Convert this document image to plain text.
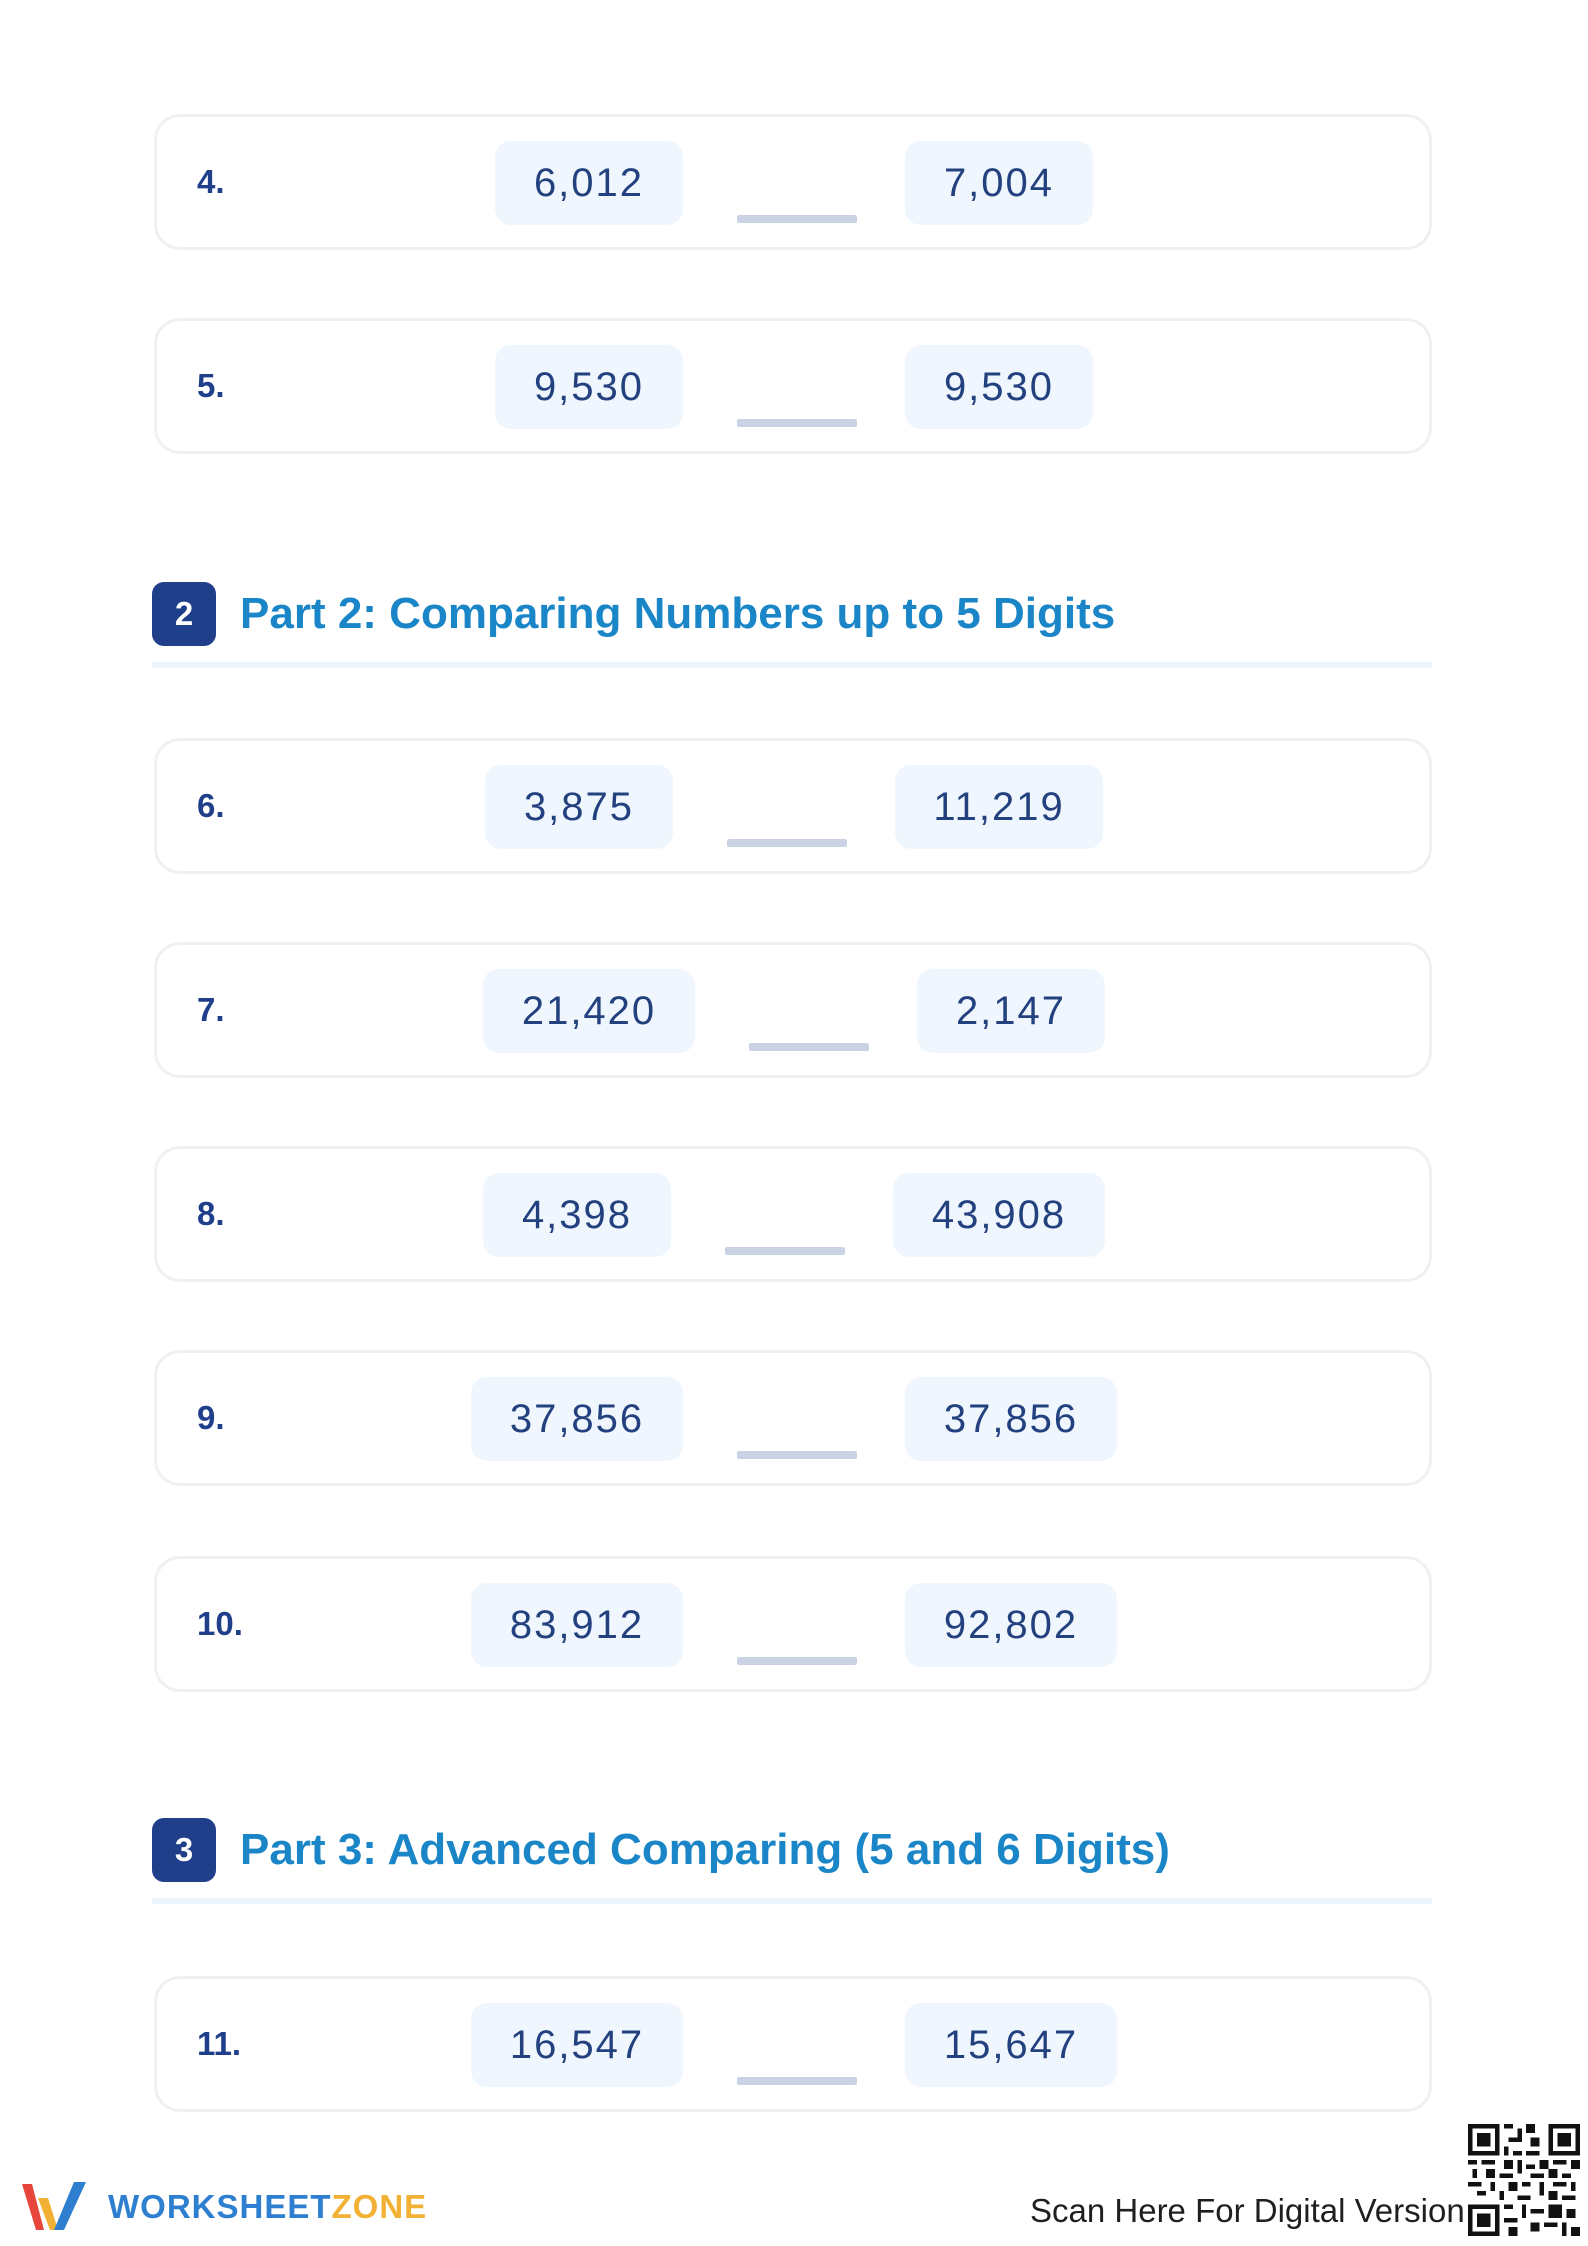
4.	6,012	7,004
5.	9,530	9,530
2	Part 2: Comparing Numbers up to 5 Digits
6.	3,875	11,219
7.	21,420	2,147
8.	4,398	43,908
9.	37,856	37,856
10.	83,912	92,802
3	Part 3: Advanced Comparing (5 and 6 Digits)
11.	16,547	15,647
WORKSHEETZONE	Scan Here For Digital Version
